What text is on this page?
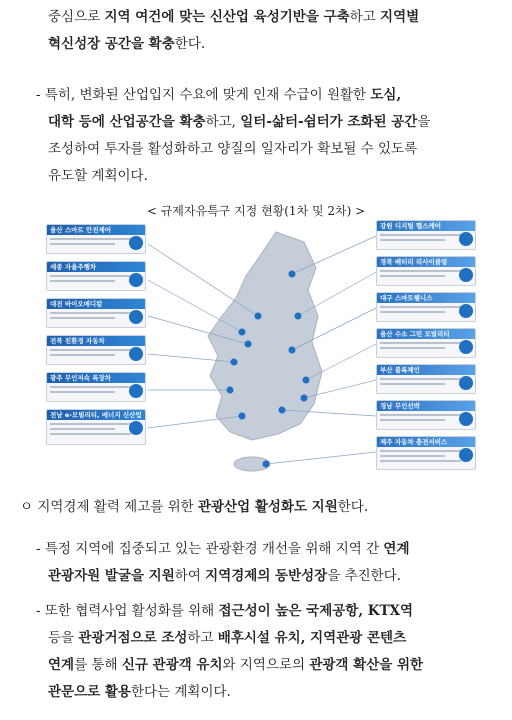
중심으로 지역 여건에 맞는 신산업 육성기반을 구축하고 지역별
혁신성장 공간을 확충한다.
- 특히, 변화된 산업입지 수요에 맞게 인재 수급이 원활한 도심,
대학 등에 산업공간을 확충하고, 일터-삶터-쉼터가 조화된 공간을
조성하여 투자를 활성화하고 양질의 일자리가 확보될 수 있도록
유도할 계획이다.
< 규제자유특구 지정 현황(1차 및 2차) >
울산 스마트 안전제어
세종 자율주행차
대전 바이오메디칼
전북 친환경 자동차
광주 무인저속 특장차
전남 e-모빌리티, 에너지 신산업
강원 디지털 헬스케어
경북 배터리 리사이클링
대구 스마트웰니스
울산 수소 그린 모빌리티
부산 블록체인
경남 무인선박
제주 자동차 충전서비스
ㅇ 지역경제 활력 제고를 위한 관광산업 활성화도 지원한다.
- 특정 지역에 집중되고 있는 관광환경 개선을 위해 지역 간 연계
관광자원 발굴을 지원하여 지역경제의 동반성장을 추진한다.
- 또한 협력사업 활성화를 위해 접근성이 높은 국제공항, KTX역
등을 관광거점으로 조성하고 배후시설 유치, 지역관광 콘텐츠
연계를 통해 신규 관광객 유치와 지역으로의 관광객 확산을 위한
관문으로 활용한다는 계획이다.
